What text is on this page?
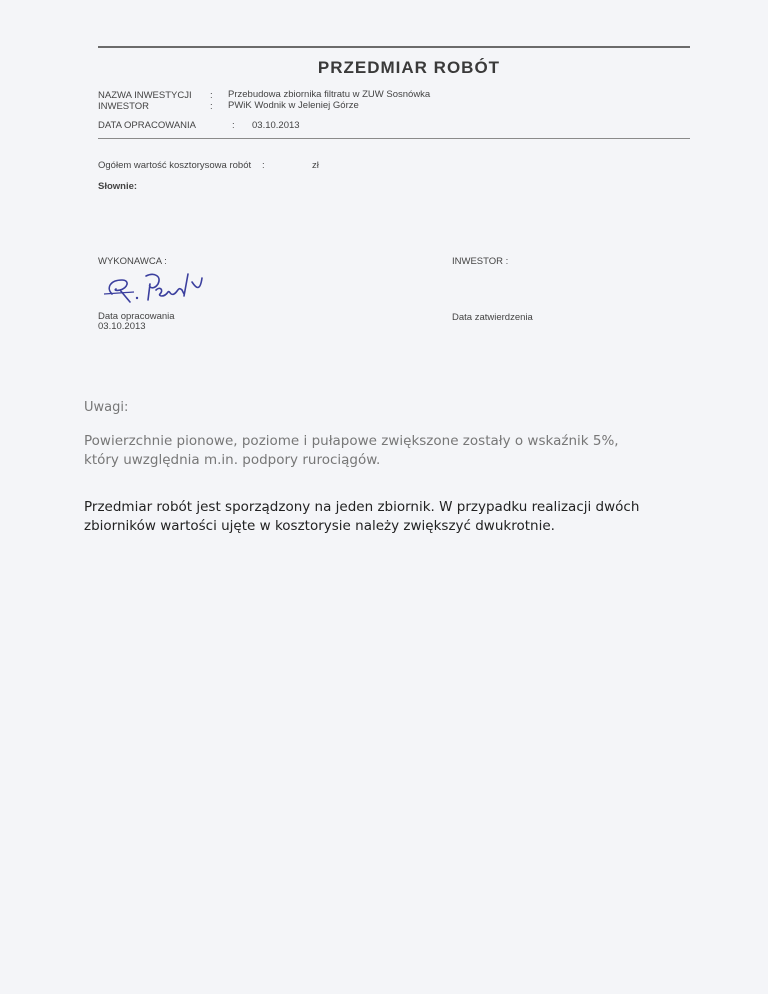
PRZEDMIAR ROBÓT
NAZWA INWESTYCJI : Przebudowa zbiornika filtratu w ZUW Sosnówka
INWESTOR	: PWiK Wodnik w Jeleniej Górze
DATA OPRACOWANIA	: 03.10.2013
Ogółem wartość kosztorysowa robót :	zł
Słownie:
WYKONAWCA :	INWESTOR :
Data opracowania
03.10.2013
Data zatwierdzenia
Uwagi:
Powierzchnie pionowe, poziome i pułapowe zwiększone zostały o wskaźnik 5%, który uwzględnia m.in. podpory rurociągów.
Przedmiar robót jest sporządzony na jeden zbiornik. W przypadku realizacji dwóch zbiorników wartości ujęte w kosztorysie należy zwiększyć dwukrotnie.
